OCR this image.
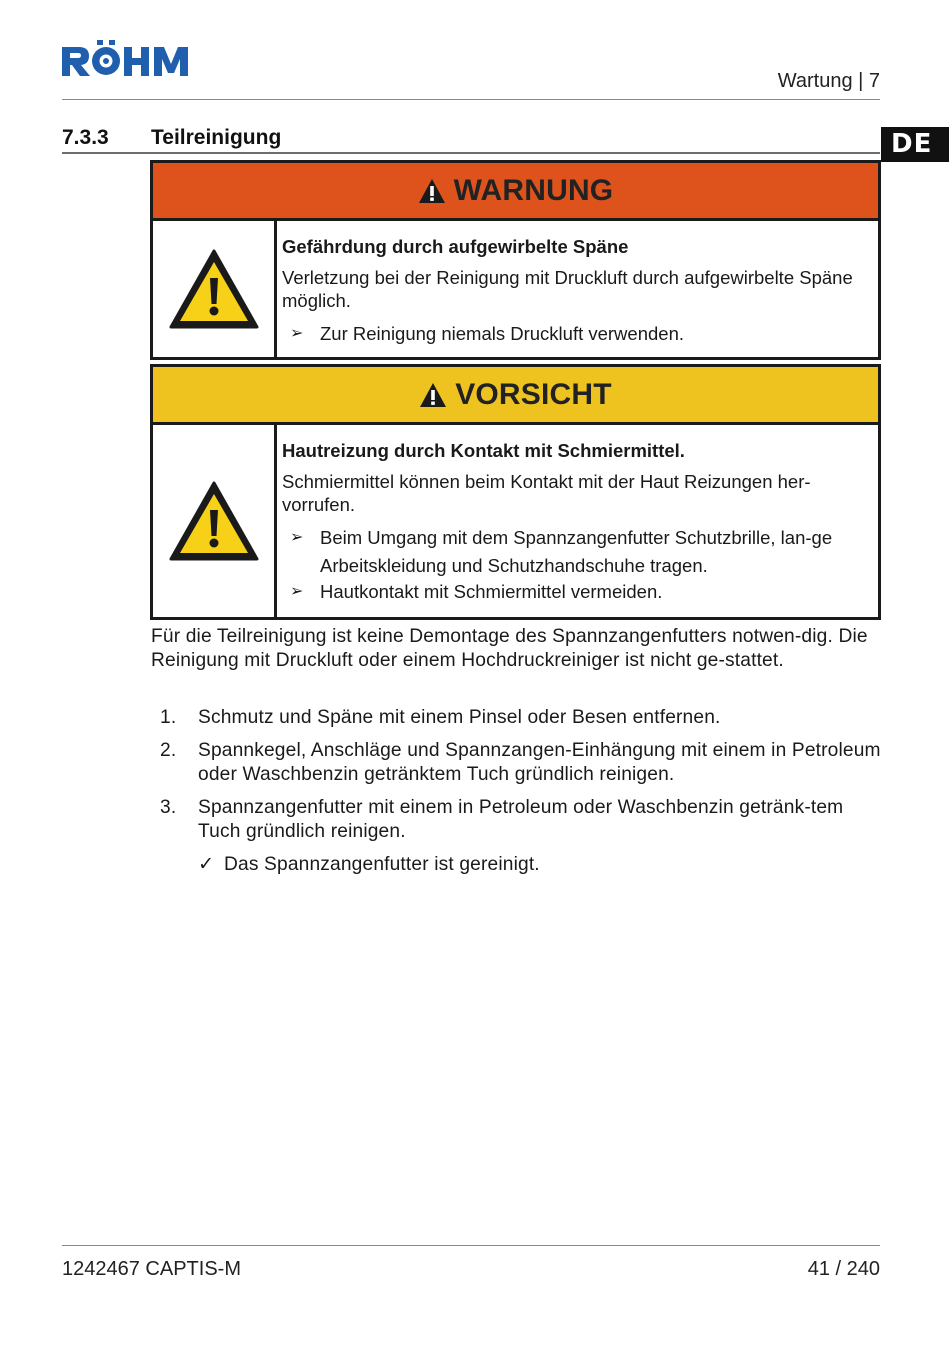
Wartung | 7
DE
7.3.3 Teilreinigung
WARNUNG
Gefährdung durch aufgewirbelte Späne
Verletzung bei der Reinigung mit Druckluft durch aufgewirbelte Späne möglich.
➢ Zur Reinigung niemals Druckluft verwenden.
VORSICHT
Hautreizung durch Kontakt mit Schmiermittel.
Schmiermittel können beim Kontakt mit der Haut Reizungen her-vorrufen.
➢ Beim Umgang mit dem Spannzangenfutter Schutzbrille, lan-ge Arbeitskleidung und Schutzhandschuhe tragen.
➢ Hautkontakt mit Schmiermittel vermeiden.
Für die Teilreinigung ist keine Demontage des Spannzangenfutters notwen-dig. Die Reinigung mit Druckluft oder einem Hochdruckreiniger ist nicht ge-stattet.
1.	Schmutz und Späne mit einem Pinsel oder Besen entfernen.
2.	Spannkegel, Anschläge und Spannzangen-Einhängung mit einem in Petroleum oder Waschbenzin getränktem Tuch gründlich reinigen.
3.	Spannzangenfutter mit einem in Petroleum oder Waschbenzin getränk-tem Tuch gründlich reinigen.
✓ Das Spannzangenfutter ist gereinigt.
1242467 CAPTIS-M	41 / 240
